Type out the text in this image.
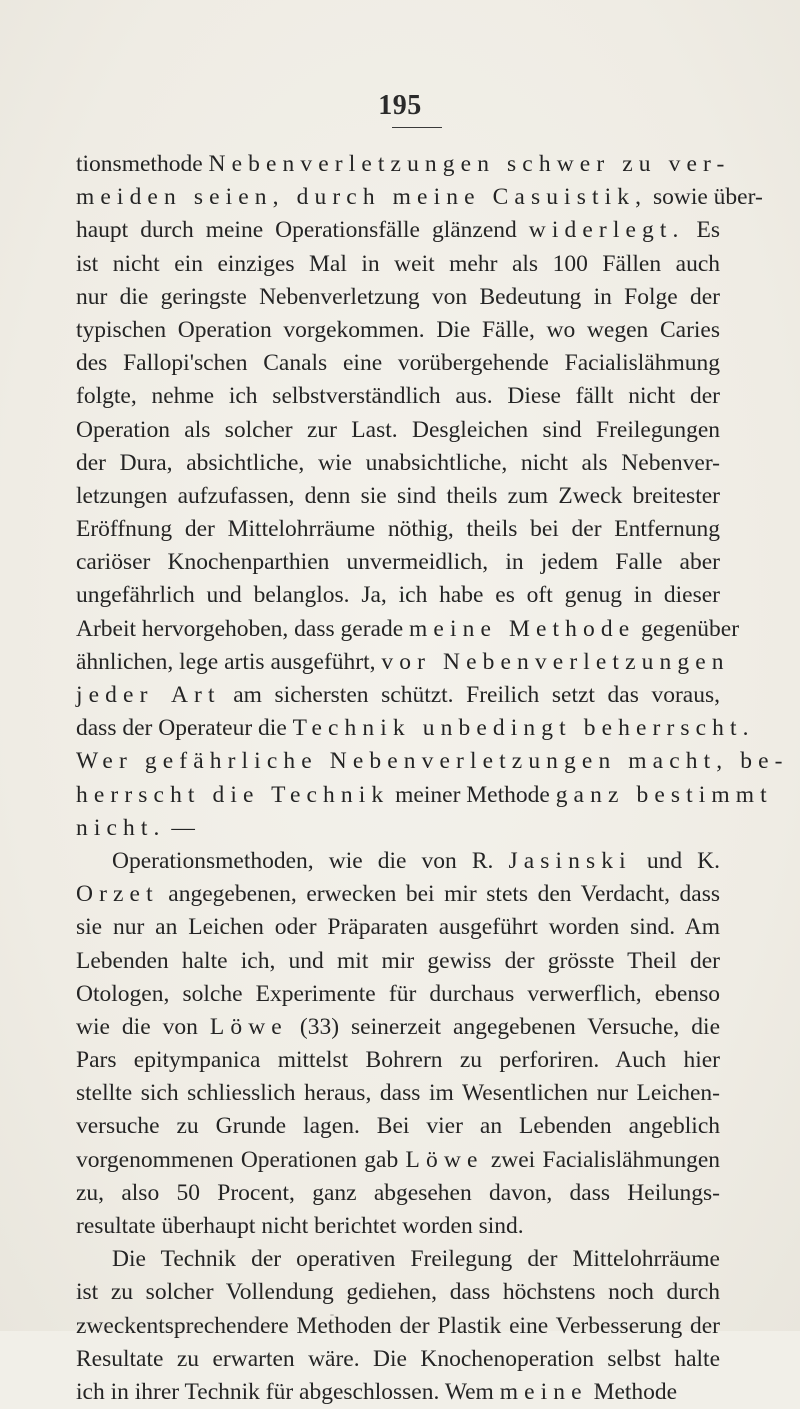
195
tionsmethode Nebenverletzungen schwer zu ver-
meiden seien, durch meine Casuistik, sowie über-
haupt durch meine Operationsfälle glänzend widerlegt. Es
ist nicht ein einziges Mal in weit mehr als 100 Fällen auch
nur die geringste Nebenverletzung von Bedeutung in Folge der
typischen Operation vorgekommen. Die Fälle, wo wegen Caries
des Fallopi'schen Canals eine vorübergehende Facialislähmung
folgte, nehme ich selbstverständlich aus. Diese fällt nicht der
Operation als solcher zur Last. Desgleichen sind Freilegungen
der Dura, absichtliche, wie unabsichtliche, nicht als Nebenver-
letzungen aufzufassen, denn sie sind theils zum Zweck breitester
Eröffnung der Mittelohrräume nöthig, theils bei der Entfernung
cariöser Knochenparthien unvermeidlich, in jedem Falle aber
ungefährlich und belanglos. Ja, ich habe es oft genug in dieser
Arbeit hervorgehoben, dass gerade meine Methode gegenüber
ähnlichen, lege artis ausgeführt, vor Nebenverletzungen
jeder Art am sichersten schützt. Freilich setzt das voraus,
dass der Operateur die Technik unbedingt beherrscht.
Wer gefährliche Nebenverletzungen macht, be-
herrscht die Technik meiner Methode ganz bestimmt
nicht. —
Operationsmethoden, wie die von R. Jasinski und K.
Orzet angegebenen, erwecken bei mir stets den Verdacht, dass
sie nur an Leichen oder Präparaten ausgeführt worden sind. Am
Lebenden halte ich, und mit mir gewiss der grösste Theil der
Otologen, solche Experimente für durchaus verwerflich, ebenso
wie die von Löwe (33) seinerzeit angegebenen Versuche, die
Pars epitympanica mittelst Bohrern zu perforiren. Auch hier
stellte sich schliesslich heraus, dass im Wesentlichen nur Leichen-
versuche zu Grunde lagen. Bei vier an Lebenden angeblich
vorgenommenen Operationen gab Löwe zwei Facialislähmungen
zu, also 50 Procent, ganz abgesehen davon, dass Heilungs-
resultate überhaupt nicht berichtet worden sind.
Die Technik der operativen Freilegung der Mittelohrräume
ist zu solcher Vollendung gediehen, dass höchstens noch durch
zweckentsprechendere Methoden der Plastik eine Verbesserung der
Resultate zu erwarten wäre. Die Knochenoperation selbst halte
ich in ihrer Technik für abgeschlossen. Wem meine Methode
